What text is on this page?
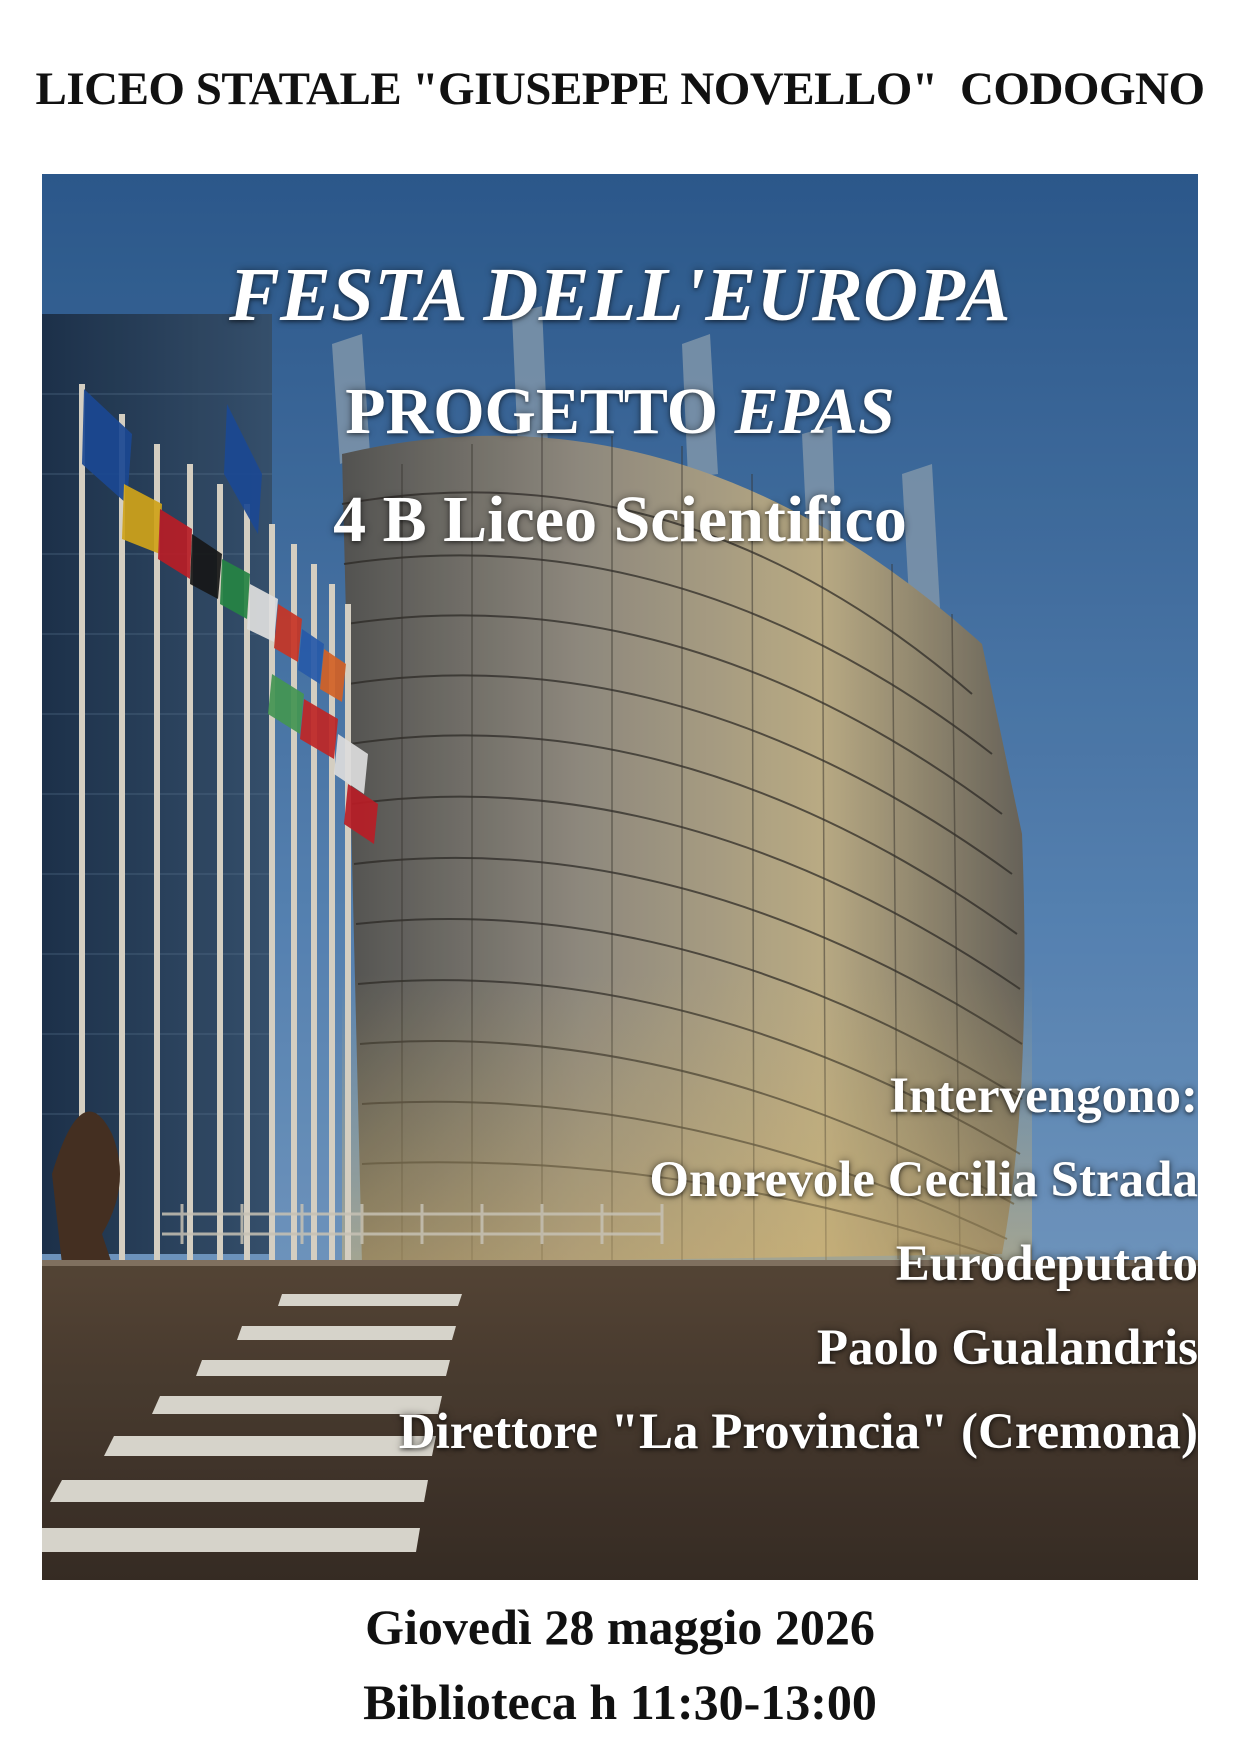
LICEO STATALE "GIUSEPPE NOVELLO"  CODOGNO

FESTA DELL'EUROPA

PROGETTO EPAS

4 B Liceo Scientifico

Intervengono:
Onorevole Cecilia Strada
Eurodeputato
Paolo Gualandris
Direttore "La Provincia" (Cremona)

Giovedì 28 maggio 2026

Biblioteca h 11:30-13:00
